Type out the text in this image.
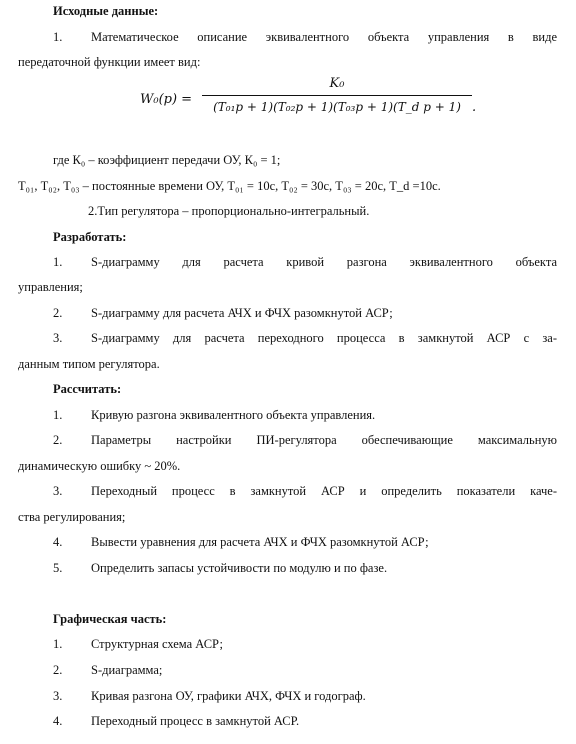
Исходные данные:
1. Математическое описание эквивалентного объекта управления в виде
передаточной функции имеет вид:
W₀(p) =
K₀
(T₀₁p + 1)(T₀₂p + 1)(T₀₃p + 1)(T_d p + 1) .
где К₀ – коэффициент передачи ОУ, К₀ = 1;
Т₀₁, Т₀₂, Т₀₃ – постоянные времени ОУ, Т₀₁ = 10с, Т₀₂ = 30с, Т₀₃ = 20с, Т_d =10с.
2.Тип регулятора – пропорционально-интегральный.
Разработать:
1. S-диаграмму для расчета кривой разгона эквивалентного объекта
управления;
2. S-диаграмму для расчета АЧХ и ФЧХ разомкнутой АСР;
3. S-диаграмму для расчета переходного процесса в замкнутой АСР с за-
данным типом регулятора.
Рассчитать:
1. Кривую разгона эквивалентного объекта управления.
2. Параметры настройки ПИ-регулятора обеспечивающие максимальную
динамическую ошибку ~ 20%.
3. Переходный процесс в замкнутой АСР и определить показатели каче-
ства регулирования;
4. Вывести уравнения для расчета АЧХ и ФЧХ разомкнутой АСР;
5. Определить запасы устойчивости по модулю и по фазе.
Графическая часть:
1. Структурная схема АСР;
2. S-диаграмма;
3. Кривая разгона ОУ, графики АЧХ, ФЧХ и годограф.
4. Переходный процесс в замкнутой АСР.
